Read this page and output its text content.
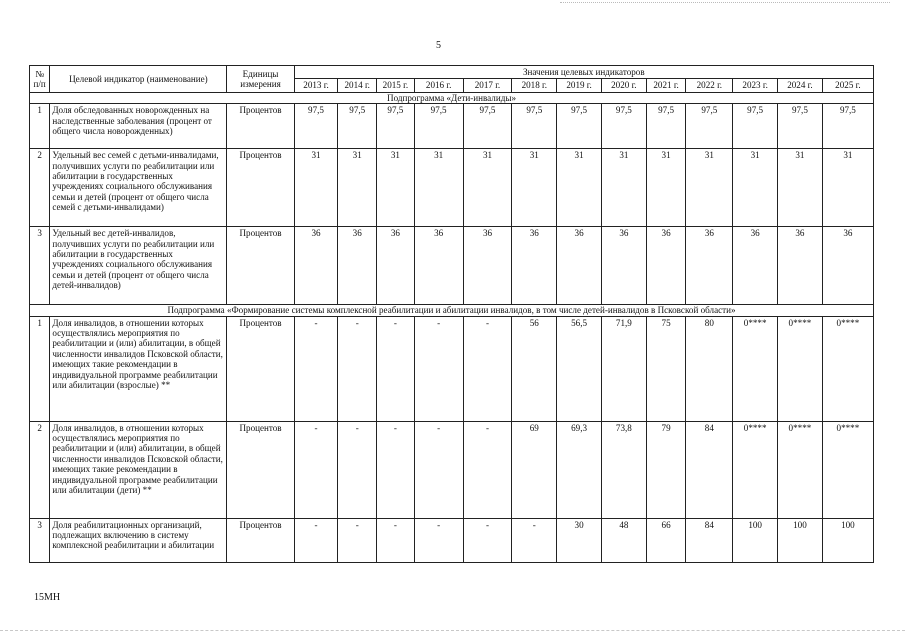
5
№ п/п	Целевой индикатор (наименование)	Единицы измерения	Значения целевых индикаторов												
			2013 г.	2014 г.	2015 г.	2016 г.	2017 г.	2018 г.	2019 г.	2020 г.	2021 г.	2022 г.	2023 г.	2024 г.	2025 г.
Подпрограмма «Дети-инвалиды»															
1	Доля обследованных новорожденных на наследственные заболевания (процент от общего числа новорожденных)	Процентов	97,5	97,5	97,5	97,5	97,5	97,5	97,5	97,5	97,5	97,5	97,5	97,5	97,5
2	Удельный вес семей с детьми-инвалидами, получивших услуги по реабилитации или абилитации в государственных учреждениях социального обслуживания семьи и детей (процент от общего числа семей с детьми-инвалидами)	Процентов	31	31	31	31	31	31	31	31	31	31	31	31	31
3	Удельный вес детей-инвалидов, получивших услуги по реабилитации или абилитации в государственных учреждениях социального обслуживания семьи и детей (процент от общего числа детей-инвалидов)	Процентов	36	36	36	36	36	36	36	36	36	36	36	36	36
Подпрограмма «Формирование системы комплексной реабилитации и абилитации инвалидов, в том числе детей-инвалидов в Псковской области»															
1	Доля инвалидов, в отношении которых осуществлялись мероприятия по реабилитации и (или) абилитации, в общей численности инвалидов Псковской области, имеющих такие рекомендации в индивидуальной программе реабилитации или абилитации (взрослые) **	Процентов	-	-	-	-	-	56	56,5	71,9	75	80	0****	0****	0****
2	Доля инвалидов, в отношении которых осуществлялись мероприятия по реабилитации и (или) абилитации, в общей численности инвалидов Псковской области, имеющих такие рекомендации в индивидуальной программе реабилитации или абилитации (дети) **	Процентов	-	-	-	-	-	69	69,3	73,8	79	84	0****	0****	0****
3	Доля реабилитационных организаций, подлежащих включению в систему комплексной реабилитации и абилитации	Процентов	-	-	-	-	-	-	30	48	66	84	100	100	100
15MH
